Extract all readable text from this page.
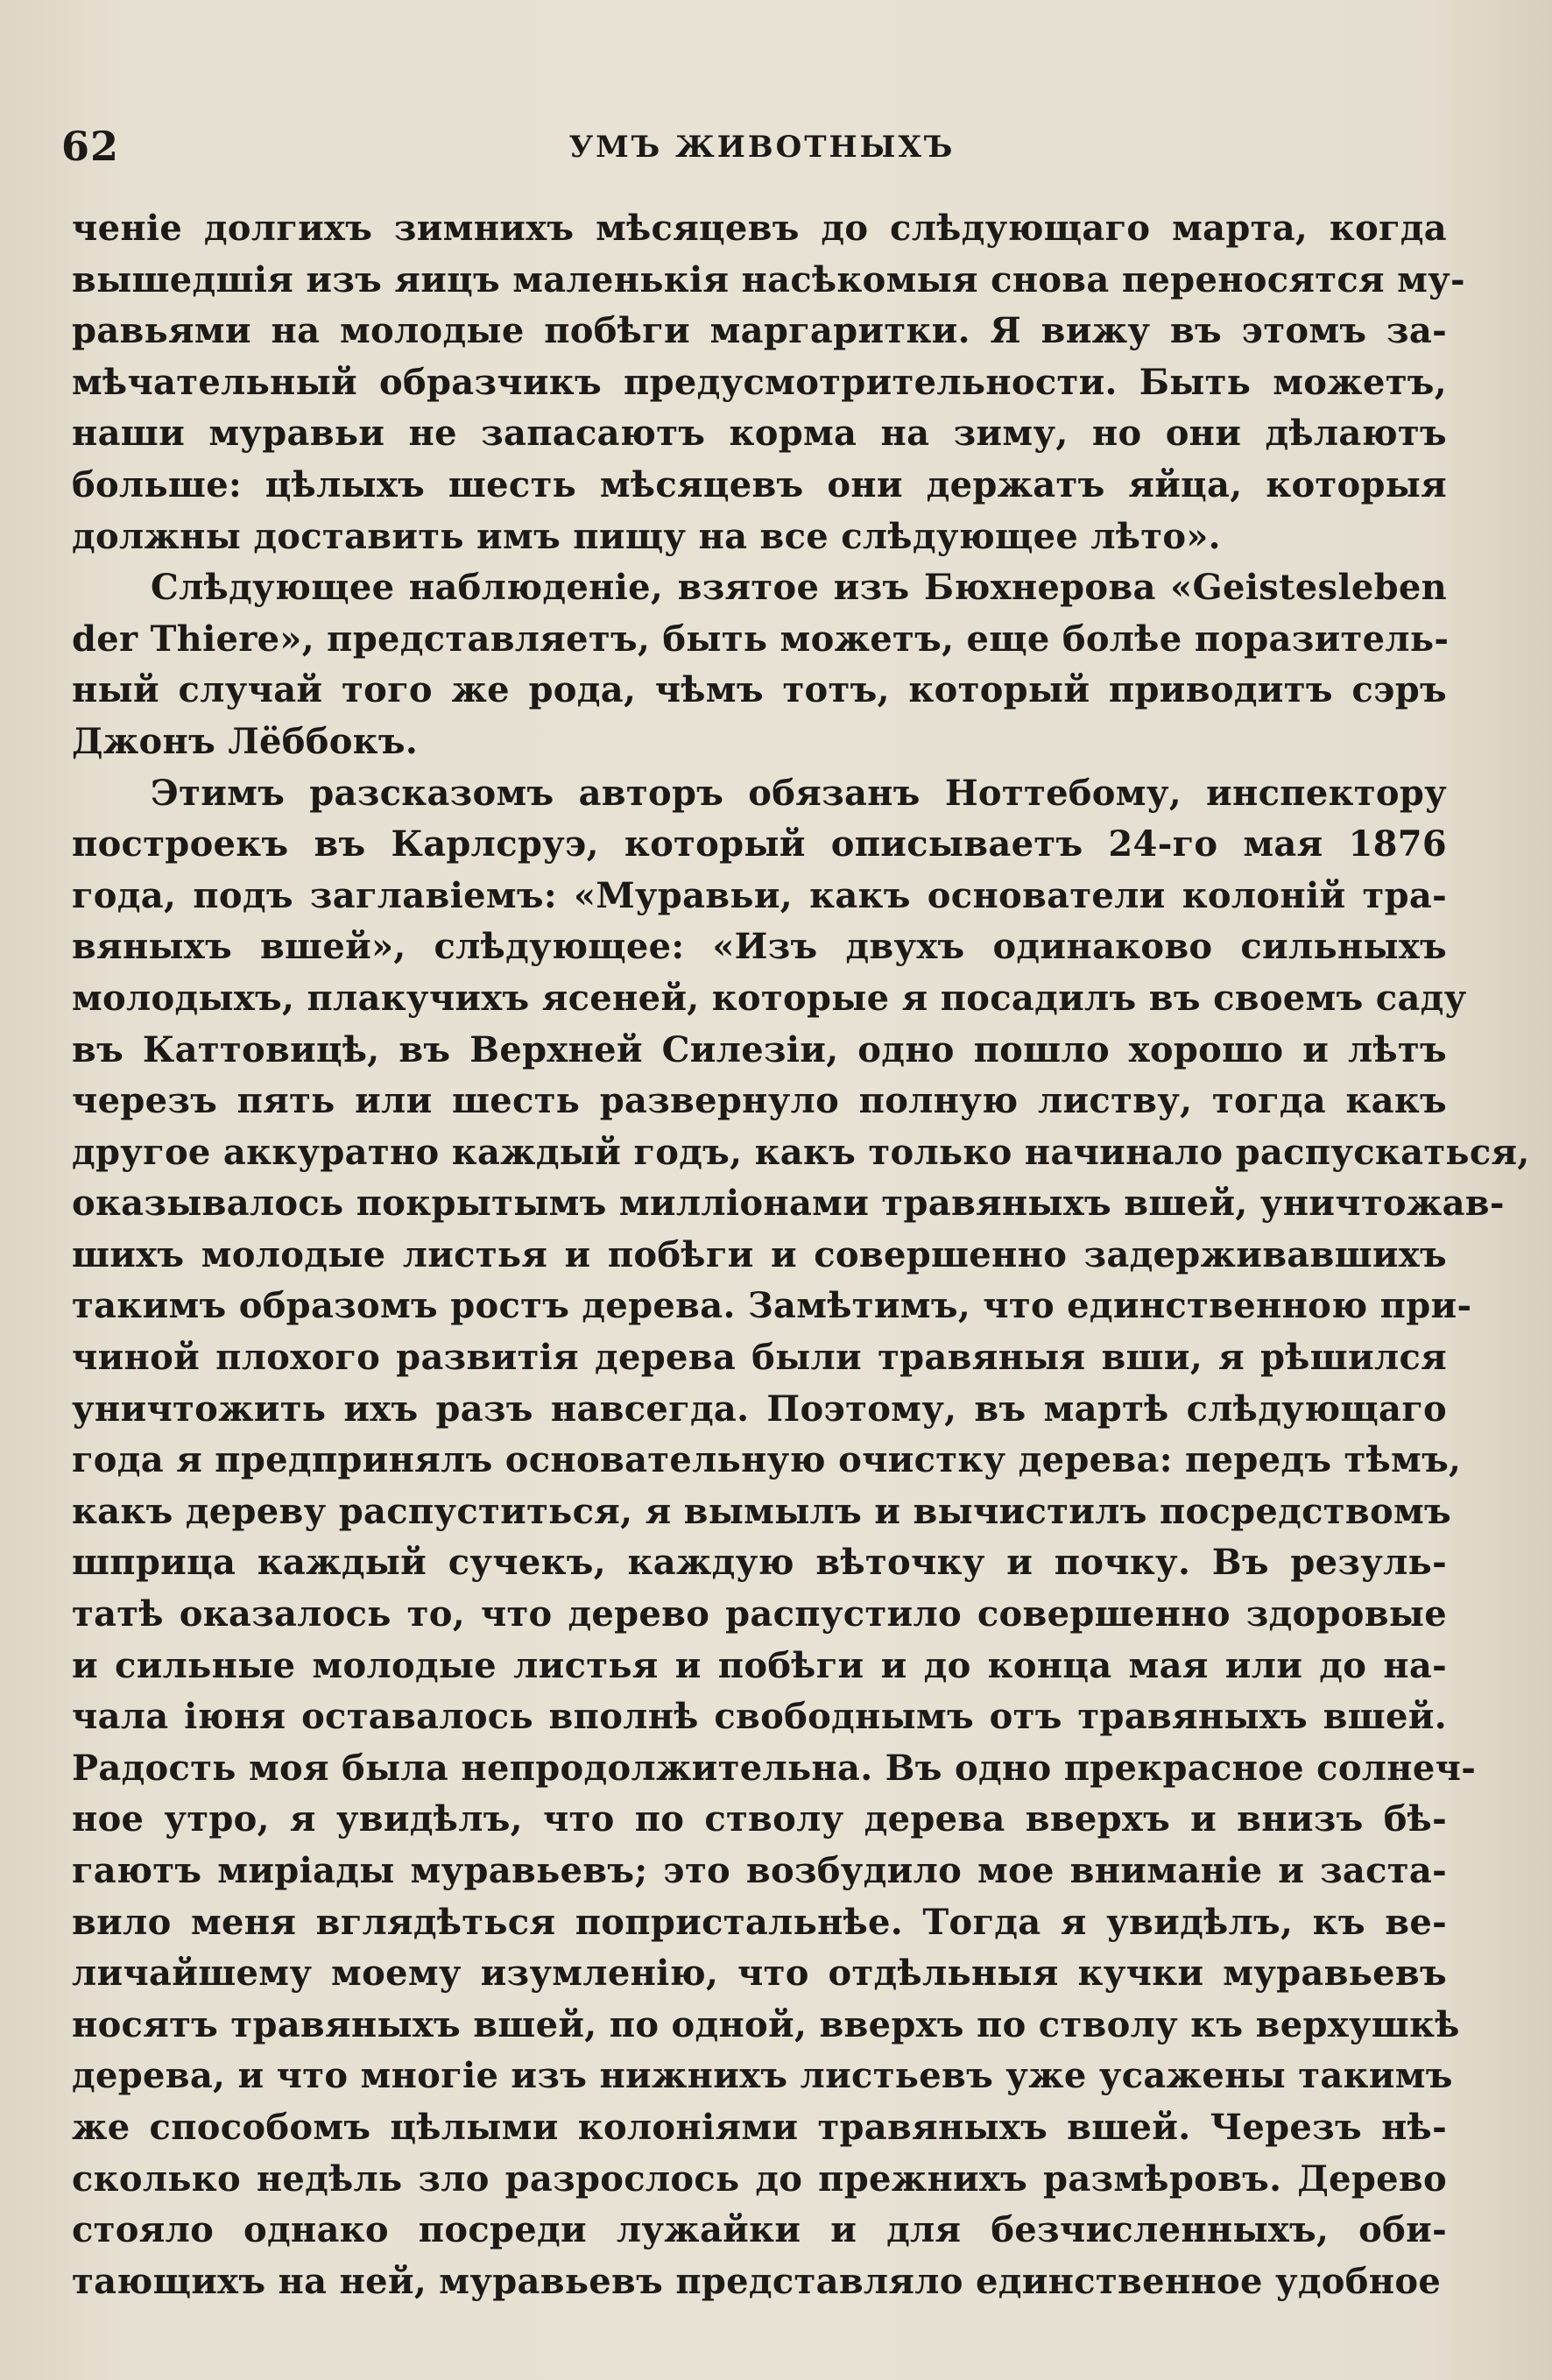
62	УМЪ ЖИВОТНЫХЪ
ченіе долгихъ зимнихъ мѣсяцевъ до слѣдующаго марта, когда
вышедшія изъ яицъ маленькія насѣкомыя снова переносятся му-
равьями на молодые побѣги маргаритки. Я вижу въ этомъ за-
мѣчательный образчикъ предусмотрительности. Быть можетъ,
наши муравьи не запасаютъ корма на зиму, но они дѣлаютъ
больше: цѣлыхъ шесть мѣсяцевъ они держатъ яйца, которыя
должны доставить имъ пищу на все слѣдующее лѣто».
Слѣдующее наблюденіе, взятое изъ Бюхнерова «Geistesleben
der Thiere», представляетъ, быть можетъ, еще болѣе поразитель-
ный случай того же рода, чѣмъ тотъ, который приводитъ сэръ
Джонъ Лёббокъ.
Этимъ разсказомъ авторъ обязанъ Ноттебому, инспектору
построекъ въ Карлсруэ, который описываетъ 24-го мая 1876
года, подъ заглавіемъ: «Муравьи, какъ основатели колоній тра-
вяныхъ вшей», слѣдующее: «Изъ двухъ одинаково сильныхъ
молодыхъ, плакучихъ ясеней, которые я посадилъ въ своемъ саду
въ Каттовицѣ, въ Верхней Силезіи, одно пошло хорошо и лѣтъ
черезъ пять или шесть развернуло полную листву, тогда какъ
другое аккуратно каждый годъ, какъ только начинало распускаться,
оказывалось покрытымъ милліонами травяныхъ вшей, уничтожав-
шихъ молодые листья и побѣги и совершенно задерживавшихъ
такимъ образомъ ростъ дерева. Замѣтимъ, что единственною при-
чиной плохого развитія дерева были травяныя вши, я рѣшился
уничтожить ихъ разъ навсегда. Поэтому, въ мартѣ слѣдующаго
года я предпринялъ основательную очистку дерева: передъ тѣмъ,
какъ дереву распуститься, я вымылъ и вычистилъ посредствомъ
шприца каждый сучекъ, каждую вѣточку и почку. Въ резуль-
татѣ оказалось то, что дерево распустило совершенно здоровые
и сильные молодые листья и побѣги и до конца мая или до на-
чала іюня оставалось вполнѣ свободнымъ отъ травяныхъ вшей.
Радость моя была непродолжительна. Въ одно прекрасное солнеч-
ное утро, я увидѣлъ, что по стволу дерева вверхъ и внизъ бѣ-
гаютъ миріады муравьевъ; это возбудило мое вниманіе и заста-
вило меня вглядѣться попристальнѣе. Тогда я увидѣлъ, къ ве-
личайшему моему изумленію, что отдѣльныя кучки муравьевъ
носятъ травяныхъ вшей, по одной, вверхъ по стволу къ верхушкѣ
дерева, и что многіе изъ нижнихъ листьевъ уже усажены такимъ
же способомъ цѣлыми колоніями травяныхъ вшей. Черезъ нѣ-
сколько недѣль зло разрослось до прежнихъ размѣровъ. Дерево
стояло однако посреди лужайки и для безчисленныхъ, оби-
тающихъ на ней, муравьевъ представляло единственное удобное
